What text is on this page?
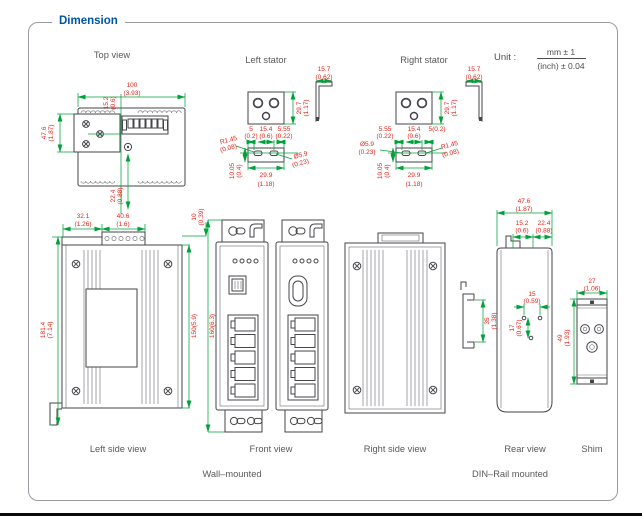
Dimension
Top view
100
(3.93)
15.2 (0.6)
47.6 (1.87)
22.4 (0.88)
Left stator
29.7 (1.17)
15.7
(0.62)
5
(0.2)
15.4
(0.6)
5.55
(0.22)
R1.45
(0.08)
Ø5.9
(0.23)
10.05 (0.4)	29.9
(1.18)
Right stator
29.7 (1.17)
15.7
(0.62)
5.55
(0.22)
15.4
(0.6)
5(0.2)
Ø5.9
(0.23)
R1.45
(0.08)
10.05 (0.4)	29.9
(1.18)
Unit :	mm ± 1
(inch) ± 0.04
32.1
(1.26)
40.6
(1.6)
10 (0.39)
181.4 (7.14)	150(5.9)
Left side view
160(6.3)
Front view
Wall–mounted
Right side view
47.6
(1.87)
15.2
(0.6)
22.4
(0.88)
15
(0.59)
17 (0.67)
35 (1.38)
Rear view
DIN–Rail mounted
27
(1.06)
49 (1.93)
Shim
